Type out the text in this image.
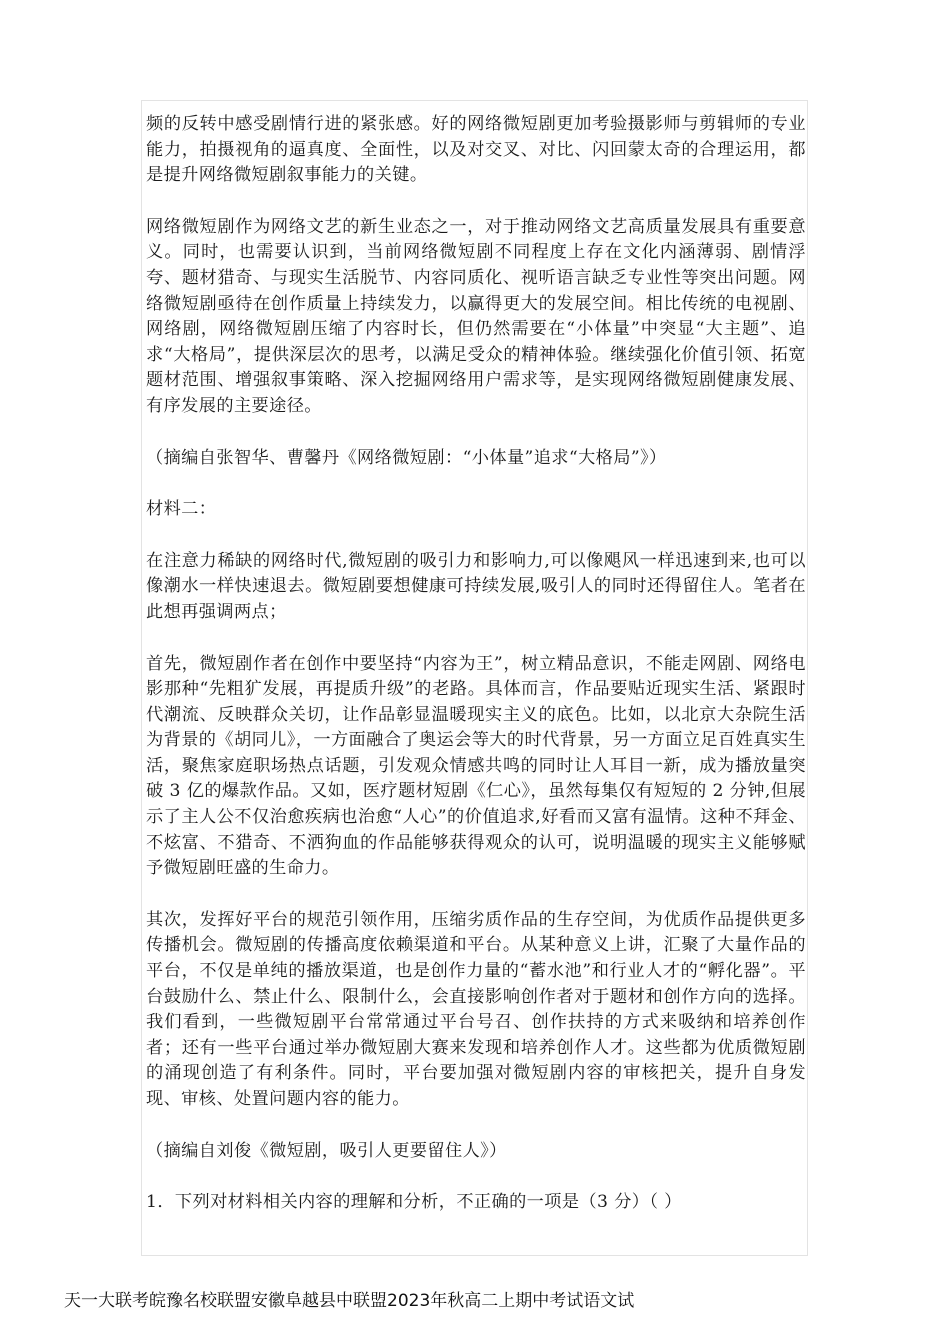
频的反转中感受剧情行进的紧张感。好的网络微短剧更加考验摄影师与剪辑师的专业能力，拍摄视角的逼真度、全面性，以及对交叉、对比、闪回蒙太奇的合理运用，都是提升网络微短剧叙事能力的关键。

网络微短剧作为网络文艺的新生业态之一，对于推动网络文艺高质量发展具有重要意义。同时，也需要认识到，当前网络微短剧不同程度上存在文化内涵薄弱、剧情浮夸、题材猎奇、与现实生活脱节、内容同质化、视听语言缺乏专业性等突出问题。网络微短剧亟待在创作质量上持续发力，以赢得更大的发展空间。相比传统的电视剧、网络剧，网络微短剧压缩了内容时长，但仍然需要在“小体量”中突显“大主题”、追求“大格局”，提供深层次的思考，以满足受众的精神体验。继续强化价值引领、拓宽题材范围、增强叙事策略、深入挖掘网络用户需求等，是实现网络微短剧健康发展、有序发展的主要途径。

（摘编自张智华、曹馨丹《网络微短剧：“小体量”追求“大格局”》）

材料二：

在注意力稀缺的网络时代,微短剧的吸引力和影响力,可以像飓风一样迅速到来,也可以像潮水一样快速退去。微短剧要想健康可持续发展,吸引人的同时还得留住人。笔者在此想再强调两点；

首先，微短剧作者在创作中要坚持“内容为王”，树立精品意识，不能走网剧、网络电影那种“先粗犷发展，再提质升级”的老路。具体而言，作品要贴近现实生活、紧跟时代潮流、反映群众关切，让作品彰显温暖现实主义的底色。比如，以北京大杂院生活为背景的《胡同儿》，一方面融合了奥运会等大的时代背景，另一方面立足百姓真实生活，聚焦家庭职场热点话题，引发观众情感共鸣的同时让人耳目一新，成为播放量突破 3 亿的爆款作品。又如，医疗题材短剧《仁心》，虽然每集仅有短短的 2 分钟,但展示了主人公不仅治愈疾病也治愈“人心”的价值追求,好看而又富有温情。这种不拜金、不炫富、不猎奇、不洒狗血的作品能够获得观众的认可，说明温暖的现实主义能够赋予微短剧旺盛的生命力。

其次，发挥好平台的规范引领作用，压缩劣质作品的生存空间，为优质作品提供更多传播机会。微短剧的传播高度依赖渠道和平台。从某种意义上讲，汇聚了大量作品的平台，不仅是单纯的播放渠道，也是创作力量的“蓄水池”和行业人才的“孵化器”。平台鼓励什么、禁止什么、限制什么，会直接影响创作者对于题材和创作方向的选择。我们看到，一些微短剧平台常常通过平台号召、创作扶持的方式来吸纳和培养创作者；还有一些平台通过举办微短剧大赛来发现和培养创作人才。这些都为优质微短剧的涌现创造了有利条件。同时，平台要加强对微短剧内容的审核把关，提升自身发现、审核、处置问题内容的能力。

（摘编自刘俊《微短剧，吸引人更要留住人》）

1．下列对材料相关内容的理解和分析，不正确的一项是（3 分）（ ）

天一大联考皖豫名校联盟安徽阜越县中联盟2023年秋高二上期中考试语文试
